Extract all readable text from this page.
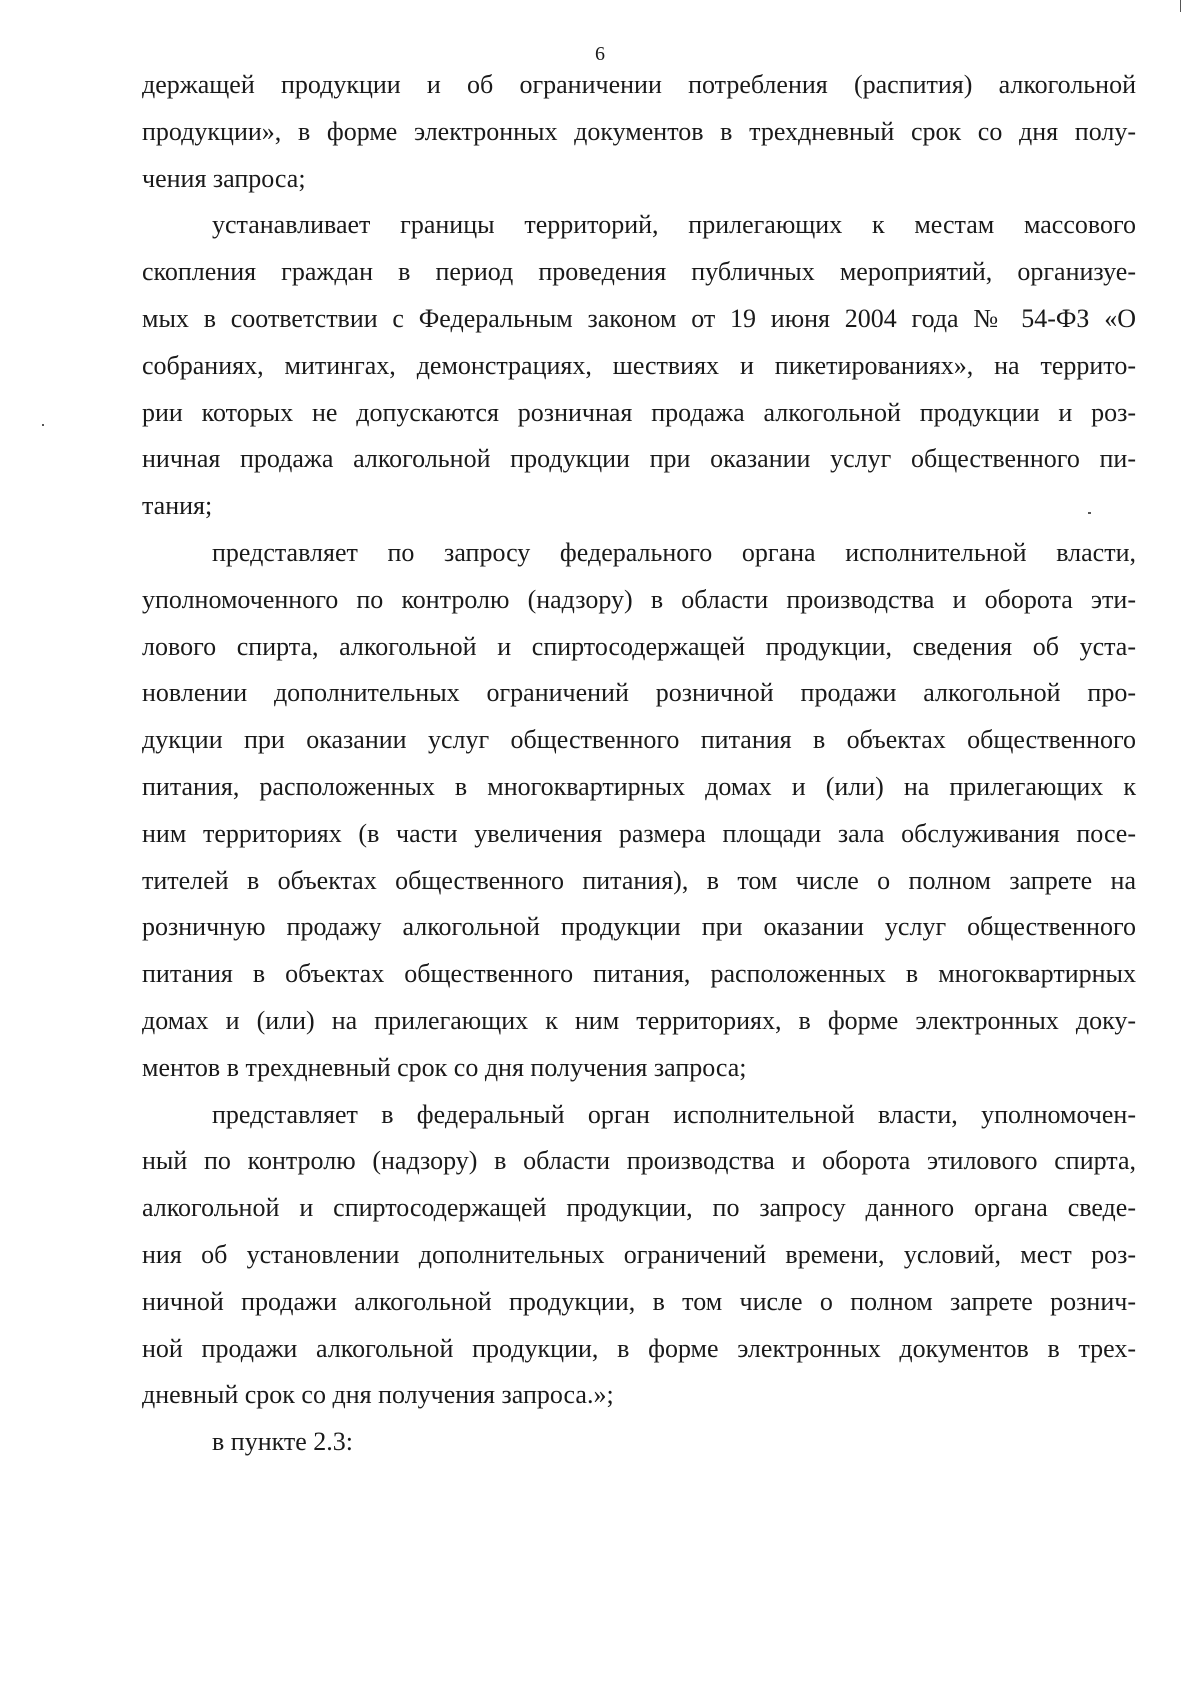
6

держащей продукции и об ограничении потребления (распития) алкогольной
продукции», в форме электронных документов в трехдневный срок со дня полу-
чения запроса;

устанавливает границы территорий, прилегающих к местам массового
скопления граждан в период проведения публичных мероприятий, организуе-
мых в соответствии с Федеральным законом от 19 июня 2004 года № 54-ФЗ «О
собраниях, митингах, демонстрациях, шествиях и пикетированиях», на террито-
рии которых не допускаются розничная продажа алкогольной продукции и роз-
ничная продажа алкогольной продукции при оказании услуг общественного пи-
тания;

представляет по запросу федерального органа исполнительной власти,
уполномоченного по контролю (надзору) в области производства и оборота эти-
лового спирта, алкогольной и спиртосодержащей продукции, сведения об уста-
новлении дополнительных ограничений розничной продажи алкогольной про-
дукции при оказании услуг общественного питания в объектах общественного
питания, расположенных в многоквартирных домах и (или) на прилегающих к
ним территориях (в части увеличения размера площади зала обслуживания посе-
тителей в объектах общественного питания), в том числе о полном запрете на
розничную продажу алкогольной продукции при оказании услуг общественного
питания в объектах общественного питания, расположенных в многоквартирных
домах и (или) на прилегающих к ним территориях, в форме электронных доку-
ментов в трехдневный срок со дня получения запроса;

представляет в федеральный орган исполнительной власти, уполномочен-
ный по контролю (надзору) в области производства и оборота этилового спирта,
алкогольной и спиртосодержащей продукции, по запросу данного органа сведе-
ния об установлении дополнительных ограничений времени, условий, мест роз-
ничной продажи алкогольной продукции, в том числе о полном запрете рознич-
ной продажи алкогольной продукции, в форме электронных документов в трех-
дневный срок со дня получения запроса.»;

в пункте 2.3:
